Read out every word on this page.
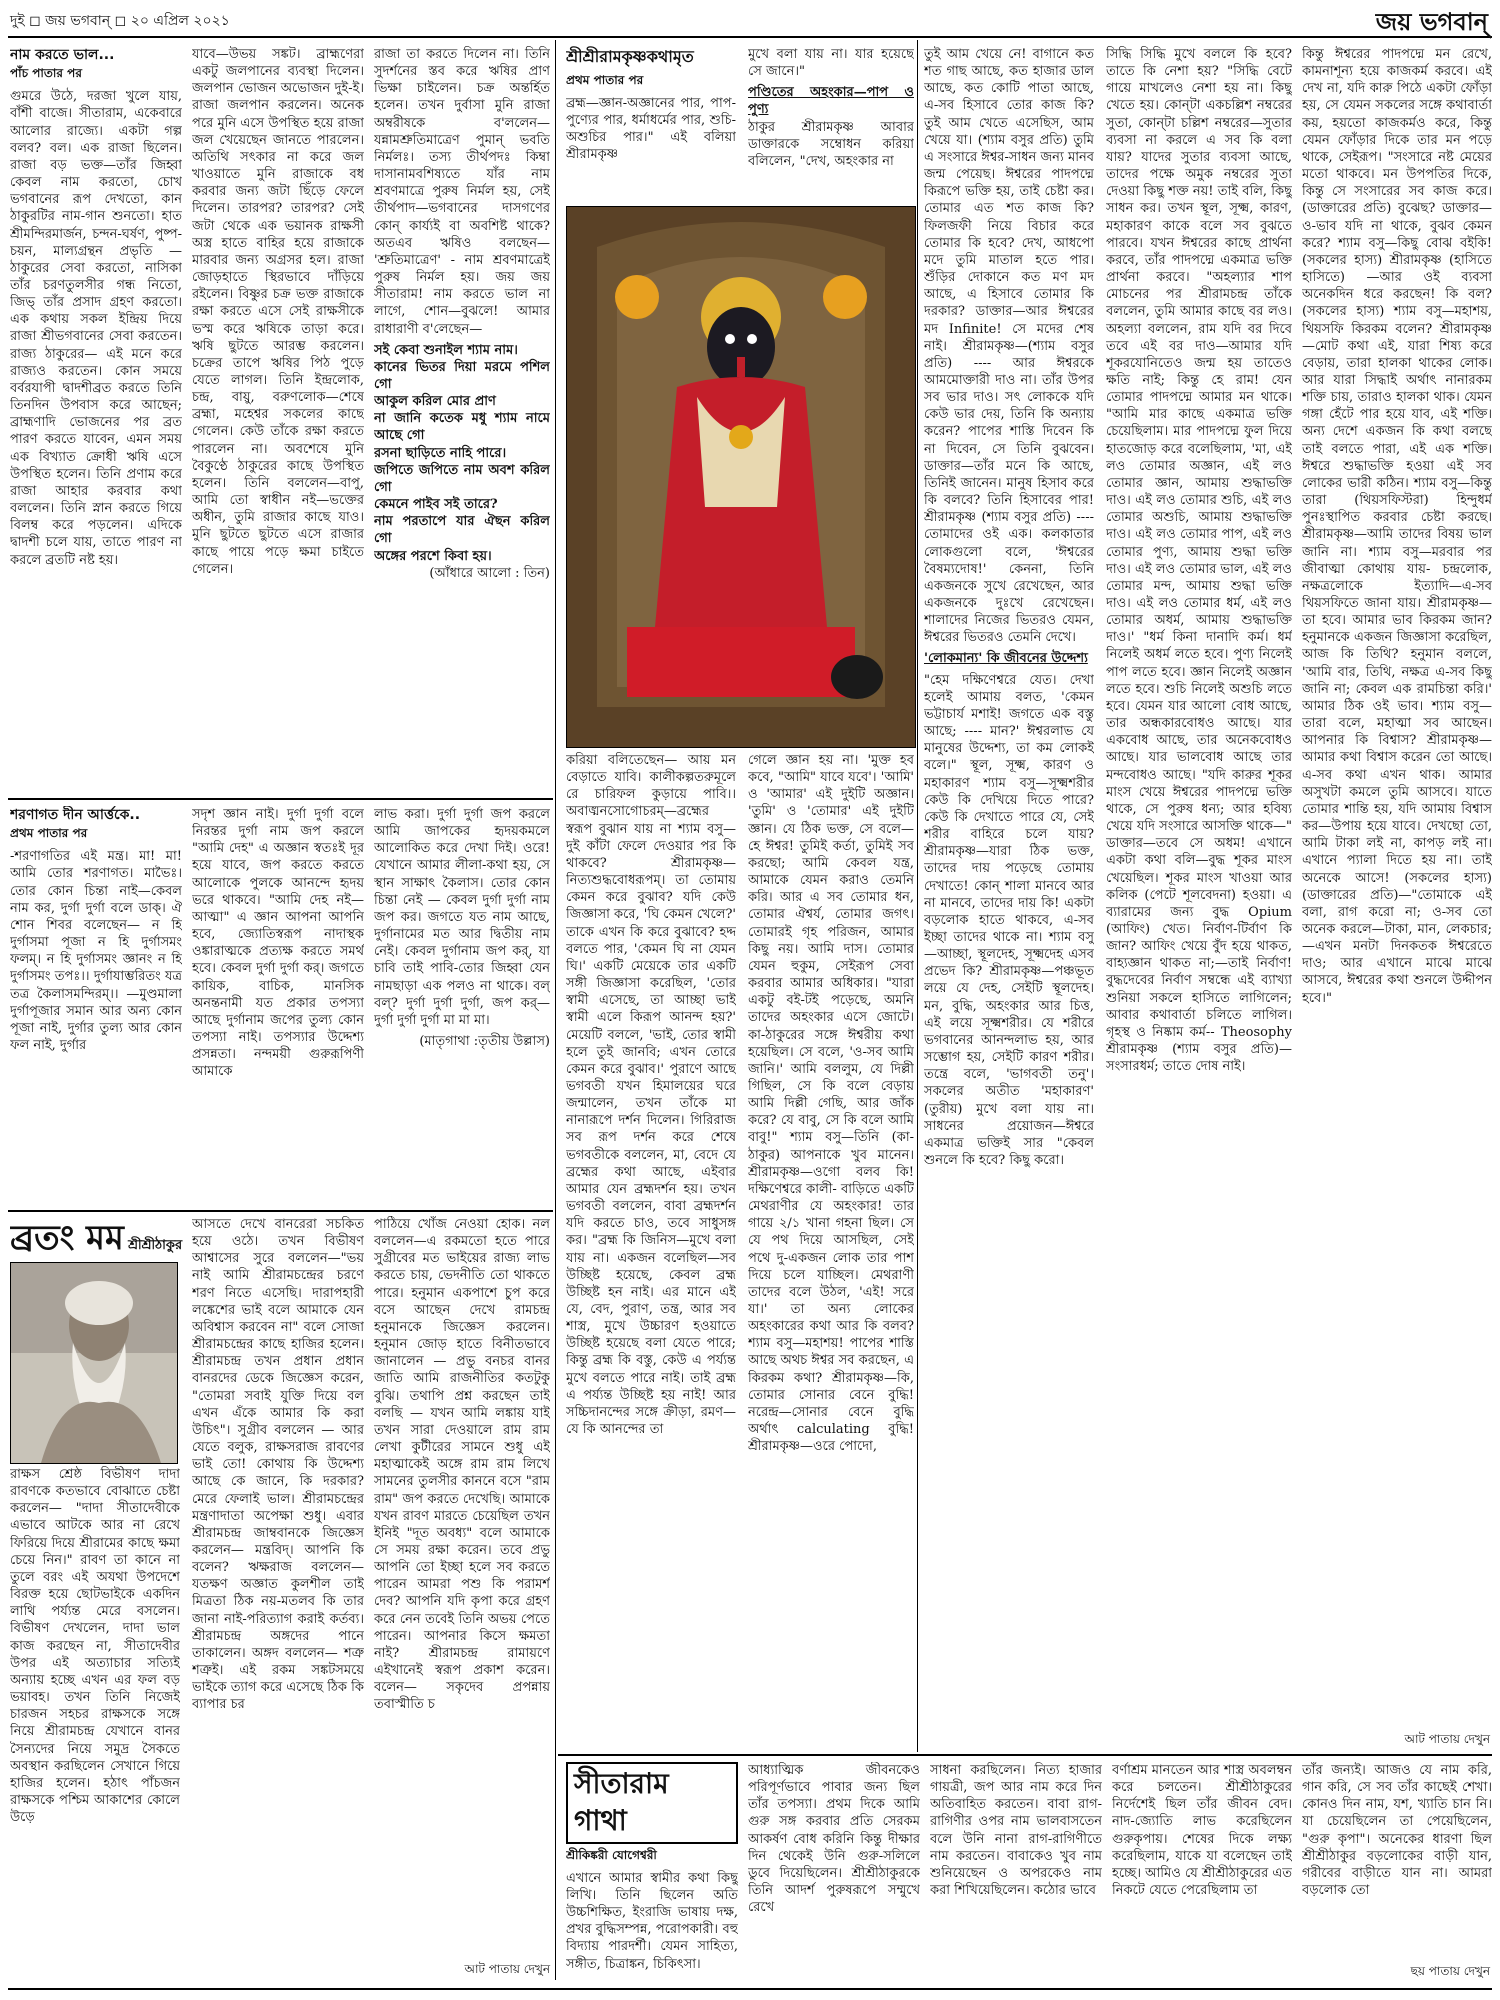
দুই ◻ জয় ভগবান্ ◻ ২০ এপ্রিল ২০২১	জয় ভগবান্
নাম করতে ভাল...
পাঁচ পাতার পর

গুমরে উঠে, দরজা খুলে যায়, বাঁশী বাজে। সীতারাম, একেবারে আলোর রাজ্যে। একটা গল্প বলব? বল। এক রাজা ছিলেন। রাজা বড় ভক্ত—তাঁর জিহ্বা কেবল নাম করতো, চোখ ভগবানের রূপ দেখতো, কান ঠাকুরটির নাম-গান শুনতো। হাত শ্রীমন্দিরমার্জন, চন্দন-ঘর্ষণ, পুষ্প-চয়ন, মাল্যগ্রন্থন প্রভৃতি —ঠাকুরের সেবা করতো, নাসিকা তাঁর চরণতুলসীর গন্ধ নিতো, জিভ্ তাঁর প্রসাদ গ্রহণ করতো। এক কথায় সকল ইন্দ্রিয় দিয়ে রাজা শ্রীভগবানের সেবা করতেন। রাজ্য ঠাকুরের— এই মনে করে রাজ্যও করতেন। কোন সময়ে বর্বরযাপী দ্বাদশীব্রত করতে তিনি তিনদিন উপবাস করে আছেন; ব্রাহ্মণাদি ভোজনের পর ব্রত পারণ করতে যাবেন, এমন সময় এক বিখ্যাত ক্রোধী ঋষি এসে উপস্থিত হলেন। তিনি প্রণাম করে রাজা আহার করবার কথা বললেন। তিনি স্নান করতে গিয়ে বিলম্ব করে পড়লেন। এদিকে দ্বাদশী চলে যায়, তাতে পারণ না করলে ব্রতটি নষ্ট হয়।

যাবে—উভয় সঙ্কট। ব্রাহ্মণেরা একটু জলপানের ব্যবস্থা দিলেন। জলপান ভোজন অভোজন দুই-ই। রাজা জলপান করলেন। অনেক পরে মুনি এসে উপস্থিত হয়ে রাজা জল খেয়েছেন জানতে পারলেন। অতিথি সৎকার না করে জল খাওয়াতে মুনি রাজাকে বধ করবার জন্য জটা ছিঁড়ে ফেলে দিলেন। তারপর? তারপর? সেই জটা থেকে এক ভয়ানক রাক্ষসী অস্ত্র হাতে বাহির হয়ে রাজাকে মারবার জন্য অগ্রসর হল। রাজা জোড়হাতে স্থিরভাবে দাঁড়িয়ে রইলেন। বিষ্ণুর চক্র ভক্ত রাজাকে রক্ষা করতে এসে সেই রাক্ষসীকে ভস্ম করে ঋষিকে তাড়া করে। ঋষি ছুটতে আরম্ভ করলেন। চক্রের তাপে ঋষির পিঠ পুড়ে যেতে লাগল। তিনি ইন্দ্রলোক, চন্দ্র, বায়ু, বরুণলোক—শেষে ব্রহ্মা, মহেশ্বর সকলের কাছে গেলেন। কেউ তাঁকে রক্ষা করতে পারলেন না। অবশেষে মুনি বৈকুণ্ঠে ঠাকুরের কাছে উপস্থিত হলেন। তিনি বললেন—বাপু, আমি তো স্বাধীন নই—ভক্তের অধীন, তুমি রাজার কাছে যাও। মুনি ছুটতে ছুটতে এসে রাজার কাছে পায়ে পড়ে ক্ষমা চাইতে গেলেন।

রাজা তা করতে দিলেন না। তিনি সুদর্শনের স্তব করে ঋষির প্রাণ ভিক্ষা চাইলেন। চক্র অন্তর্হিত হলেন। তখন দুর্বাসা মুনি রাজা অম্বরীষকে ব'ললেন— যন্নামশ্রুতিমাত্রেণ পুমান্ ভবতি নির্মলঃ। তস্য তীর্থপদঃ কিম্বা দাসানামবশিষ্যতে যাঁর নাম শ্রবণমাত্রে পুরুষ নির্মল হয়, সেই তীর্থপাদ—ভগবানের দাসগণের কোন্ কার্য্যই বা অবশিষ্ট থাকে? অতএব ঋষিও বলছেন— 'শ্রুতিমাত্রেণ' - নাম শ্রবণমাত্রেই পুরুষ নির্মল হয়। জয় জয় সীতারাম! নাম করতে ভাল না লাগে, শোন—বুঝলে! আমার রাধারাণী ব'লেছেন—

সই কেবা শুনাইল শ্যাম নাম।
কানের ভিতর দিয়া মরমে পশিল গো
আকুল করিল মোর প্রাণ
না জানি কতেক মধু শ্যাম নামে আছে গো
রসনা ছাড়িতে নাহি পারে।
জপিতে জপিতে নাম অবশ করিল গো
কেমনে পাইব সই তারে?
নাম পরতাপে যার ঐছন করিল গো
অঙ্গের পরশে কিবা হয়।
(আঁধারে আলো : তিন)
শরণাগত দীন আর্ত্তকে..
প্রথম পাতার পর

-শরণাগতির এই মন্ত্র। মা! মা! আমি তোর শরণাগত। মাভৈঃ। তোর কোন চিন্তা নাই—কেবল নাম কর, দুর্গা দুর্গা বলে ডাক্। ঐ শোন শিবর বলেছেন— ন হি দুর্গাসমা পূজা ন হি দুর্গাসমং ফলম্। ন হি দুর্গাসমং জ্ঞানং ন হি দুর্গাসমং তপঃ।। দুর্গাযাম্ভরিতং যত্র তত্র কৈলাসমন্দিরম্।। —মুণ্ডমালা দুর্গাপূজার সমান আর অন্য কোন পূজা নাই, দুর্গার তুল্য আর কোন ফল নাই, দুর্গার

সদৃশ জ্ঞান নাই। দুর্গা দুর্গা বলে নিরন্তর দুর্গা নাম জপ করলে "আমি দেহ" এ অজ্ঞান স্বতঃই দূর হয়ে যাবে, জপ করতে করতে আলোকে পুলকে আনন্দে হৃদয় ভরে থাকবে। "আমি দেহ নই—আত্মা" এ জ্ঞান আপনা আপনি হবে, জ্যোতিস্বরূপ নাদাস্থক ওঙ্কারাত্মকে প্রত্যক্ষ করতে সমর্থ হবে। কেবল দুর্গা দুর্গা কর্। জগতে কায়িক, বাচিক, মানসিক অনন্তনামী যত প্রকার তপস্যা আছে দুর্গানাম জপের তুল্য কোন তপস্যা নাই। তপস্যার উদ্দেশ্য প্রসন্নতা। নন্দময়ী গুরুরূপিণী আমাকে

লাভ করা। দুর্গা দুর্গা জপ করলে আমি জাপকের হৃদয়কমলে আলোকিত করে দেখা দিই। ওরে! যেখানে আমার লীলা-কথা হয়, সে স্থান সাক্ষাৎ কৈলাস। তোর কোন চিন্তা নেই — কেবল দুর্গা দুর্গা নাম জপ কর। জগতে যত নাম আছে, দুর্গানামের মত আর দ্বিতীয় নাম নেই। কেবল দুর্গানাম জপ কর্, যা চাবি তাই পাবি-তোর জিহ্বা যেন নামছাড়া এক পলও না থাকে। বল্ বল্? দুর্গা দুর্গা দুর্গা, জপ কর্— দুর্গা দুর্গা দুর্গা মা মা মা।

(মাতৃগাথা :তৃতীয় উল্লাস)
ব্রতং মম শ্রীশ্রীঠাকুর

রাক্ষস শ্রেষ্ঠ বিভীষণ দাদা রাবণকে কতভাবে বোঝাতে চেষ্টা করলেন— "দাদা সীতাদেবীকে এভাবে আটকে আর না রেখে ফিরিয়ে দিয়ে শ্রীরামের কাছে ক্ষমা চেয়ে নিন।" রাবণ তা কানে না তুলে বরং এই অযথা উপদেশে বিরক্ত হয়ে ছোটভাইকে একদিন লাথি পর্য্যন্ত মেরে বসলেন। বিভীষণ দেখলেন, দাদা ভাল কাজ করছেন না, সীতাদেবীর উপর এই অত্যাচার সত্যিই অন্যায় হচ্ছে এখন এর ফল বড় ভয়াবহ। তখন তিনি নিজেই চারজন সহচর রাক্ষসকে সঙ্গে নিয়ে শ্রীরামচন্দ্র যেখানে বানর সৈন্যদের নিয়ে সমুদ্র সৈকতে অবস্থান করছিলেন সেখানে গিয়ে হাজির হলেন। হঠাৎ পাঁচজন রাক্ষসকে পশ্চিম আকাশের কোলে উড়ে

আসতে দেখে বানরেরা সচকিত হয়ে ওঠে। তখন বিভীষণ আশ্বাসের সুরে বললেন—"ভয় নাই আমি শ্রীরামচন্দ্রের চরণে শরণ নিতে এসেছি। দারাপহারী লঙ্কেশের ভাই বলে আমাকে যেন অবিশ্বাস করবেন না" বলে সোজা শ্রীরামচন্দ্রের কাছে হাজির হলেন। শ্রীরামচন্দ্র তখন প্রধান প্রধান বানরদের ডেকে জিজ্ঞেস করেন, "তোমরা সবাই যুক্তি দিয়ে বল এখন এঁকে আমার কি করা উচিৎ"। সুগ্রীব বললেন — আর যেতে বলুক, রাক্ষসরাজ রাবণের ভাই তো! কোথায় কি উদ্দেশ্য আছে কে জানে, কি দরকার? মেরে ফেলাই ভাল। শ্রীরামচন্দ্রের মন্ত্রণাদাতা অপেক্ষা শুধু। এবার শ্রীরামচন্দ্র জাম্ববানকে জিজ্ঞেস করলেন— মন্ত্রবিদ্। আপনি কি বলেন? ঋক্ষরাজ বললেন—যতক্ষণ অজ্ঞাত কুলশীল তাই মিত্রতা ঠিক নয়-মতলব কি তার জানা নাই-পরিত্যাগ করাই কর্তব্য। শ্রীরামচন্দ্র অঙ্গদের পানে তাকালেন। অঙ্গদ বললেন— শত্রু শত্রুই। এই রকম সঙ্কটসময়ে ভাইকে ত্যাগ করে এসেছে ঠিক কি ব্যাপার চর

পাঠিয়ে খোঁজ নেওয়া হোক। নল বললেন—এ রকমতো হতে পারে সুগ্রীবের মত ভাইয়ের রাজ্য লাভ করতে চায়, ভেদনীতি তো থাকতে পারে। হনুমান একপাশে চুপ করে বসে আছেন দেখে রামচন্দ্র হনুমানকে জিজ্ঞেস করলেন। হনুমান জোড় হাতে বিনীতভাবে জানালেন — প্রভু বনচর বানর জাতি আমি রাজনীতির কতটুকু বুঝি। তথাপি প্রশ্ন করছেন তাই বলছি — যখন আমি লঙ্কায় যাই তখন সারা দেওয়ালে রাম রাম লেখা কুটীরের সামনে শুধু এই মহাত্মাকেই অঙ্গে রাম রাম লিখে সামনের তুলসীর কাননে বসে "রাম রাম" জপ করতে দেখেছি। আমাকে যখন রাবণ মারতে চেয়েছিল তখন ইনিই "দূত অবধ্য" বলে আমাকে সে সময় রক্ষা করেন। তবে প্রভু আপনি তো ইচ্ছা হলে সব করতে পারেন আমরা পশু কি পরামর্শ দেব? আপনি যদি কৃপা করে গ্রহণ করে নেন তবেই তিনি অভয় পেতে পারেন। আপনার কিসে ক্ষমতা নাই? শ্রীরামচন্দ্র রামায়ণে এইখানেই স্বরূপ প্রকাশ করেন। বলেন— সকৃদেব প্রপন্নায় তবাস্মীতি চ

আট পাতায় দেখুন
শ্রীশ্রীরামকৃষ্ণকথামৃত
প্রথম পাতার পর

ব্রহ্ম—জ্ঞান-অজ্ঞানের পার, পাপ-পুণ্যের পার, ধর্মাধর্মের পার, শুচি-অশুচির পার।" এই বলিয়া শ্রীরামকৃষ্ণ

মুখে বলা যায় না। যার হয়েছে সে জানে।"

পণ্ডিতের অহংকার—পাপ ও পুণ্য

ঠাকুর শ্রীরামকৃষ্ণ আবার ডাক্তারকে সম্বোধন করিয়া বলিলেন, "দেখ, অহংকার না

করিয়া বলিতেছেন— আয় মন বেড়াতে যাবি। কালীকল্পতরুমূলে রে চারিফল কুড়ায়ে পাবি।। অবাঙ্মনসোগোচরম্—ব্রহ্মের স্বরূপ বুঝান যায় না শ্যাম বসু—দুই কাঁটা ফেলে দেওয়ার পর কি থাকবে? শ্রীরামকৃষ্ণ—নিত্যশুদ্ধবোধরূপম্। তা তোমায় কেমন করে বুঝাব? যদি কেউ জিজ্ঞাসা করে, 'ঘি কেমন খেলে?' তাকে এখন কি করে বুঝাবে? হদ্দ বলতে পার, 'কেমন ঘি না যেমন ঘি।' একটি মেয়েকে তার একটি সঙ্গী জিজ্ঞাসা করেছিল, 'তোর স্বামী এসেছে, তা আচ্ছা ভাই স্বামী এলে কিরূপ আনন্দ হয়?' মেয়েটি বললে, 'ভাই, তোর স্বামী হলে তুই জানবি; এখন তোরে কেমন করে বুঝাব।' পুরাণে আছে ভগবতী যখন হিমালয়ের ঘরে জন্মালেন, তখন তাঁকে মা নানারূপে দর্শন দিলেন। গিরিরাজ সব রূপ দর্শন করে শেষে ভগবতীকে বললেন, মা, বেদে যে ব্রহ্মের কথা আছে, এইবার আমার যেন ব্রহ্মদর্শন হয়। তখন ভগবতী বললেন, বাবা ব্রহ্মদর্শন যদি করতে চাও, তবে সাধুসঙ্গ কর। "ব্রহ্ম কি জিনিস—মুখে বলা যায় না। একজন বলেছিল—সব উচ্ছিষ্ট হয়েছে, কেবল ব্রহ্ম উচ্ছিষ্ট হন নাই। এর মানে এই যে, বেদ, পুরাণ, তন্ত্র, আর সব শাস্ত্র, মুখে উচ্চারণ হওয়াতে উচ্ছিষ্ট হয়েছে বলা যেতে পারে; কিন্তু ব্রহ্ম কি বস্তু, কেউ এ পর্য্যন্ত মুখে বলতে পারে নাই। তাই ব্রহ্ম এ পর্য্যন্ত উচ্ছিষ্ট হয় নাই! আর সচ্চিদানন্দের সঙ্গে ক্রীড়া, রমণ— যে কি আনন্দের তা

গেলে জ্ঞান হয় না। 'মুক্ত হব কবে, "আমি" যাবে যবে'। 'আমি' ও 'আমার' এই দুইটি অজ্ঞান। 'তুমি' ও 'তোমার' এই দুইটি জ্ঞান। যে ঠিক ভক্ত, সে বলে—হে ঈশ্বর! তুমিই কর্তা, তুমিই সব করছো; আমি কেবল যন্ত্র, আমাকে যেমন করাও তেমনি করি। আর এ সব তোমার ধন, তোমার ঐশ্বর্য, তোমার জগৎ। তোমারই গৃহ পরিজন, আমার কিছু নয়। আমি দাস। তোমার যেমন হুকুম, সেইরূপ সেবা করবার আমার অধিকার। "যারা একটু বই-টই পড়েছে, অমনি তাদের অহংকার এসে জোটে। কা-ঠাকুরের সঙ্গে ঈশ্বরীয় কথা হয়েছিল। সে বলে, 'ও-সব আমি জানি।' আমি বললুম, যে দিল্লী গিছিল, সে কি বলে বেড়ায় আমি দিল্লী গেছি, আর জাঁক করে? যে বাবু, সে কি বলে আমি বাবু!" শ্যাম বসু—তিনি (কা-ঠাকুর) আপনাকে খুব মানেন। শ্রীরামকৃষ্ণ—ওগো বলব কি! দক্ষিণেশ্বরে কালী- বাড়িতে একটি মেথরাণীর যে অহংকার! তার গায়ে ২/১ খানা গহনা ছিল। সে যে পথ দিয়ে আসছিল, সেই পথে দু-একজন লোক তার পাশ দিয়ে চলে যাচ্ছিল। মেথরাণী তাদের বলে উঠল, 'এই! সরে যা।' তা অন্য লোকের অহংকারের কথা আর কি বলব? শ্যাম বসু—মহাশয়! পাপের শাস্তি আছে অথচ ঈশ্বর সব করছেন, এ কিরকম কথা? শ্রীরামকৃষ্ণ—কি, তোমার সোনার বেনে বুদ্ধি! নরেন্দ্র—সোনার বেনে বুদ্ধি অর্থাৎ calculating বুদ্ধি! শ্রীরামকৃষ্ণ—ওরে পোদো,

তুই আম খেয়ে নে! বাগানে কত শত গাছ আছে, কত হাজার ডাল আছে, কত কোটি পাতা আছে, এ-সব হিসাবে তোর কাজ কি? তুই আম খেতে এসেছিস, আম খেয়ে যা। (শ্যাম বসুর প্রতি) তুমি এ সংসারে ঈশ্বর-সাধন জন্য মানব জন্ম পেয়েছ। ঈশ্বরের পাদপদ্মে কিরূপে ভক্তি হয়, তাই চেষ্টা কর। তোমার এত শত কাজ কি? ফিলজফী নিয়ে বিচার করে তোমার কি হবে? দেখ, আধপো মদে তুমি মাতাল হতে পার। শুঁড়ির দোকানে কত মণ মদ আছে, এ হিসাবে তোমার কি দরকার? ডাক্তার—আর ঈশ্বরের মদ Infinite! সে মদের শেষ নাই। শ্রীরামকৃষ্ণ—(শ্যাম বসুর প্রতি) ---- আর ঈশ্বরকে আমমোক্তারী দাও না। তাঁর উপর সব ভার দাও। সৎ লোককে যদি কেউ ভার দেয়, তিনি কি অন্যায় করেন? পাপের শাস্তি দিবেন কি না দিবেন, সে তিনি বুঝবেন। ডাক্তার—তাঁর মনে কি আছে, তিনিই জানেন। মানুষ হিসাব করে কি বলবে? তিনি হিসাবের পার! শ্রীরামকৃষ্ণ (শ্যাম বসুর প্রতি) ----তোমাদের ওই এক। কলকাতার লোকগুলো বলে, 'ঈশ্বরের বৈষম্যদোষ!' কেননা, তিনি একজনকে সুখে রেখেছেন, আর একজনকে দুঃখে রেখেছেন। শালাদের নিজের ভিতরও যেমন, ঈশ্বরের ভিতরও তেমনি দেখে।

'লোকমান্য' কি জীবনের উদ্দেশ্য

"হেম দক্ষিণেশ্বরে যেত। দেখা হলেই আমায় বলত, 'কেমন ভট্টাচার্য মশাই! জগতে এক বস্তু আছে; ---- মান?' ঈশ্বরলাভ যে মানুষের উদ্দেশ্য, তা কম লোকই বলে।" স্থূল, সূক্ষ্ম, কারণ ও মহাকারণ শ্যাম বসু—সূক্ষ্মশরীর কেউ কি দেখিয়ে দিতে পারে? কেউ কি দেখাতে পারে যে, সেই শরীর বাহিরে চলে যায়? শ্রীরামকৃষ্ণ—যারা ঠিক ভক্ত, তাদের দায় পড়েছে তোমায় দেখাতে! কোন্ শালা মানবে আর না মানবে, তাদের দায় কি! একটা বড়লোক হাতে থাকবে, এ-সব ইচ্ছা তাদের থাকে না। শ্যাম বসু—আচ্ছা, স্থূলদেহ, সূক্ষ্মদেহ এসব প্রভেদ কি? শ্রীরামকৃষ্ণ—পঞ্চভূত লয়ে যে দেহ, সেইটি স্থূলদেহ। মন, বুদ্ধি, অহংকার আর চিত্ত, এই লয়ে সূক্ষ্মশরীর। যে শরীরে ভগবানের আনন্দলাভ হয়, আর সম্ভোগ হয়, সেইটি কারণ শরীর। তন্ত্রে বলে, 'ভাগবতী তনু'। সকলের অতীত 'মহাকারণ' (তুরীয়) মুখে বলা যায় না। সাধনের প্রয়োজন—ঈশ্বরে একমাত্র ভক্তিই সার "কেবল শুনলে কি হবে? কিছু করো।

সিদ্ধি সিদ্ধি মুখে বললে কি হবে? তাতে কি নেশা হয়? "সিদ্ধি বেটে গায়ে মাখলেও নেশা হয় না। কিছু খেতে হয়। কোন্‌টা একচল্লিশ নম্বরের সুতা, কোন্‌টা চল্লিশ নম্বরের—সুতার ব্যবসা না করলে এ সব কি বলা যায়? যাদের সুতার ব্যবসা আছে, তাদের পক্ষে অমুক নম্বরের সুতা দেওয়া কিছু শক্ত নয়! তাই বলি, কিছু সাধন কর। তখন স্থূল, সূক্ষ্ম, কারণ, মহাকারণ কাকে বলে সব বুঝতে পারবে। যখন ঈশ্বরের কাছে প্রার্থনা করবে, তাঁর পাদপদ্মে একমাত্র ভক্তি প্রার্থনা করবে। "অহল্যার শাপ মোচনের পর শ্রীরামচন্দ্র তাঁকে বললেন, তুমি আমার কাছে বর লও। অহল্যা বললেন, রাম যদি বর দিবে তবে এই বর দাও—আমার যদি শূকরযোনিতেও জন্ম হয় তাতেও ক্ষতি নাই; কিন্তু হে রাম! যেন তোমার পাদপদ্মে আমার মন থাকে। "আমি মার কাছে একমাত্র ভক্তি চেয়েছিলাম। মার পাদপদ্মে ফুল দিয়ে হাতজোড় করে বলেছিলাম, 'মা, এই লও তোমার অজ্ঞান, এই লও তোমার জ্ঞান, আমায় শুদ্ধাভক্তি দাও। এই লও তোমার শুচি, এই লও তোমার অশুচি, আমায় শুদ্ধাভক্তি দাও। এই লও তোমার পাপ, এই লও তোমার পুণ্য, আমায় শুদ্ধা ভক্তি দাও। এই লও তোমার ভাল, এই লও তোমার মন্দ, আমায় শুদ্ধা ভক্তি দাও। এই লও তোমার ধর্ম, এই লও তোমার অধর্ম, আমায় শুদ্ধাভক্তি দাও।' "ধর্ম কিনা দানাদি কর্ম। ধর্ম নিলেই অধর্ম লতে হবে। পুণ্য নিলেই পাপ লতে হবে। জ্ঞান নিলেই অজ্ঞান লতে হবে। শুচি নিলেই অশুচি লতে হবে। যেমন যার আলো বোধ আছে, তার অন্ধকারবোধও আছে। যার একবোধ আছে, তার অনেকবোধও আছে। যার ভালবোধ আছে তার মন্দবোধও আছে। "যদি কারুর শূকর মাংস খেয়ে ঈশ্বরের পাদপদ্মে ভক্তি থাকে, সে পুরুষ ধন্য; আর হবিষ্য খেয়ে যদি সংসারে আসক্তি থাকে—" ডাক্তার—তবে সে অধম! এখানে একটা কথা বলি—বুদ্ধ শূকর মাংস খেয়েছিল। শূকর মাংস খাওয়া আর কলিক (পেটে শূলবেদনা) হওয়া। এ ব্যারামের জন্য বুদ্ধ Opium (আফিং) খেত। নির্বাণ-টির্বাণ কি জান? আফিং খেয়ে বুঁদ হয়ে থাকত, বাহ্যজ্ঞান থাকত না;—তাই নির্বাণ! বুদ্ধদেবের নির্বাণ সম্বন্ধে এই ব্যাখ্যা শুনিয়া সকলে হাসিতে লাগিলেন; আবার কথাবার্তা চলিতে লাগিল। গৃহস্থ ও নিষ্কাম কর্ম-- Theosophy শ্রীরামকৃষ্ণ (শ্যাম বসুর প্রতি)— সংসারধর্ম; তাতে দোষ নাই।

কিন্তু ঈশ্বরের পাদপদ্মে মন রেখে, কামনাশূন্য হয়ে কাজকর্ম করবে। এই দেখ না, যদি কারু পিঠে একটা ফোঁড়া হয়, সে যেমন সকলের সঙ্গে কথাবার্তা কয়, হয়তো কাজকর্মও করে, কিন্তু যেমন ফোঁড়ার দিকে তার মন পড়ে থাকে, সেইরূপ। "সংসারে নষ্ট মেয়ের মতো থাকবে। মন উপপতির দিকে, কিন্তু সে সংসারের সব কাজ করে। (ডাক্তারের প্রতি) বুঝেছ? ডাক্তার—ও-ভাব যদি না থাকে, বুঝব কেমন করে? শ্যাম বসু—কিছু বোঝ বইকি! (সকলের হাস্য) শ্রীরামকৃষ্ণ (হাসিতে হাসিতে) —আর ওই ব্যবসা অনেকদিন ধরে করছেন! কি বল? (সকলের হাস্য) শ্যাম বসু—মহাশয়, থিয়সফি কিরকম বলেন? শ্রীরামকৃষ্ণ—মোট কথা এই, যারা শিষ্য করে বেড়ায়, তারা হালকা থাকের লোক। আর যারা সিদ্ধাই অর্থাৎ নানারকম শক্তি চায়, তারাও হালকা থাক। যেমন গঙ্গা হেঁটে পার হয়ে যাব, এই শক্তি। অন্য দেশে একজন কি কথা বলছে তাই বলতে পারা, এই এক শক্তি। ঈশ্বরে শুদ্ধাভক্তি হওয়া এই সব লোকের ভারী কঠিন। শ্যাম বসু—কিন্তু তারা (থিয়সফিস্টরা) হিন্দুধর্ম পুনঃস্থাপিত করবার চেষ্টা করছে। শ্রীরামকৃষ্ণ—আমি তাদের বিষয় ভাল জানি না। শ্যাম বসু—মরবার পর জীবাত্মা কোথায় যায়- চন্দ্রলোক, নক্ষত্রলোকে ইত্যাদি—এ-সব থিয়সফিতে জানা যায়। শ্রীরামকৃষ্ণ—তা হবে। আমার ভাব কিরকম জান? হনুমানকে একজন জিজ্ঞাসা করেছিল, আজ কি তিথি? হনুমান বললে, 'আমি বার, তিথি, নক্ষত্র এ-সব কিছু জানি না; কেবল এক রামচিন্তা করি।' আমার ঠিক ওই ভাব। শ্যাম বসু—তারা বলে, মহাত্মা সব আছেন। আপনার কি বিশ্বাস? শ্রীরামকৃষ্ণ—আমার কথা বিশ্বাস করেন তো আছে। এ-সব কথা এখন থাক। আমার অসুখটা কমলে তুমি আসবে। যাতে তোমার শান্তি হয়, যদি আমায় বিশ্বাস কর—উপায় হয়ে যাবে। দেখছো তো, আমি টাকা লই না, কাপড় লই না। এখানে প্যালা দিতে হয় না। তাই অনেকে আসে! (সকলের হাস্য) (ডাক্তারের প্রতি)—"তোমাকে এই বলা, রাগ করো না; ও-সব তো অনেক করলে—টাকা, মান, লেকচার;—এখন মনটা দিনকতক ঈশ্বরেতে দাও; আর এখানে মাঝে মাঝে আসবে, ঈশ্বরের কথা শুনলে উদ্দীপন হবে।"

আট পাতায় দেখুন
সীতারাম গাথা
শ্রীকিঙ্করী যোগেশ্বরী

এখানে আমার স্বামীর কথা কিছু লিখি। তিনি ছিলেন অতি উচ্চশিক্ষিত, ইংরাজি ভাষায় দক্ষ, প্রখর বুদ্ধিসম্পন্ন, পরোপকারী। বহু বিদ্যায় পারদর্শী। যেমন সাহিত্য, সঙ্গীত, চিত্রাঙ্কন, চিকিৎসা।

আধ্যাত্মিক জীবনকেও পরিপূর্ণভাবে পাবার জন্য ছিল তাঁর তপস্যা। প্রথম দিকে আমি গুরু সঙ্গ করবার প্রতি সেরকম আকর্ষণ বোধ করিনি কিন্তু দীক্ষার দিন থেকেই উনি গুরু-সলিলে ডুবে দিয়েছিলেন। শ্রীশ্রীঠাকুরকে তিনি আদর্শ পুরুষরূপে সম্মুখে রেখে

সাধনা করছিলেন। নিত্য হাজার গায়ত্রী, জপ আর নাম করে দিন অতিবাহিত করতেন। বাবা রাগ-রাগিণীর ওপর নাম ভালবাসতেন বলে উনি নানা রাগ-রাগিণীতে নাম করতেন। বাবাকেও খুব নাম শুনিয়েছেন ও অপরকেও নাম করা শিখিয়েছিলেন। কঠোর ভাবে

বর্ণাশ্রম মানতেন আর শাস্ত্র অবলম্বন করে চলতেন। শ্রীশ্রীঠাকুরের নির্দেশেই ছিল তাঁর জীবন বেদ। নাদ-জ্যোতি লাভ করেছিলেন গুরুকৃপায়। শেষের দিকে লক্ষ্য করেছিলাম, যাকে যা বলেছেন তাই হচ্ছে। আমিও যে শ্রীশ্রীঠাকুরের এত নিকটে যেতে পেরেছিলাম তা

তাঁর জন্যই। আজও যে নাম করি, গান করি, সে সব তাঁর কাছেই শেখা। কোনও দিন নাম, যশ, খ্যাতি চান নি। যা চেয়েছিলেন তা পেয়েছিলেন, "গুরু কৃপা"। অনেকের ধারণা ছিল শ্রীশ্রীঠাকুর বড়লোকের বাড়ী যান, গরীবের বাড়ীতে যান না। আমরা বড়লোক তো

ছয় পাতায় দেখুন
